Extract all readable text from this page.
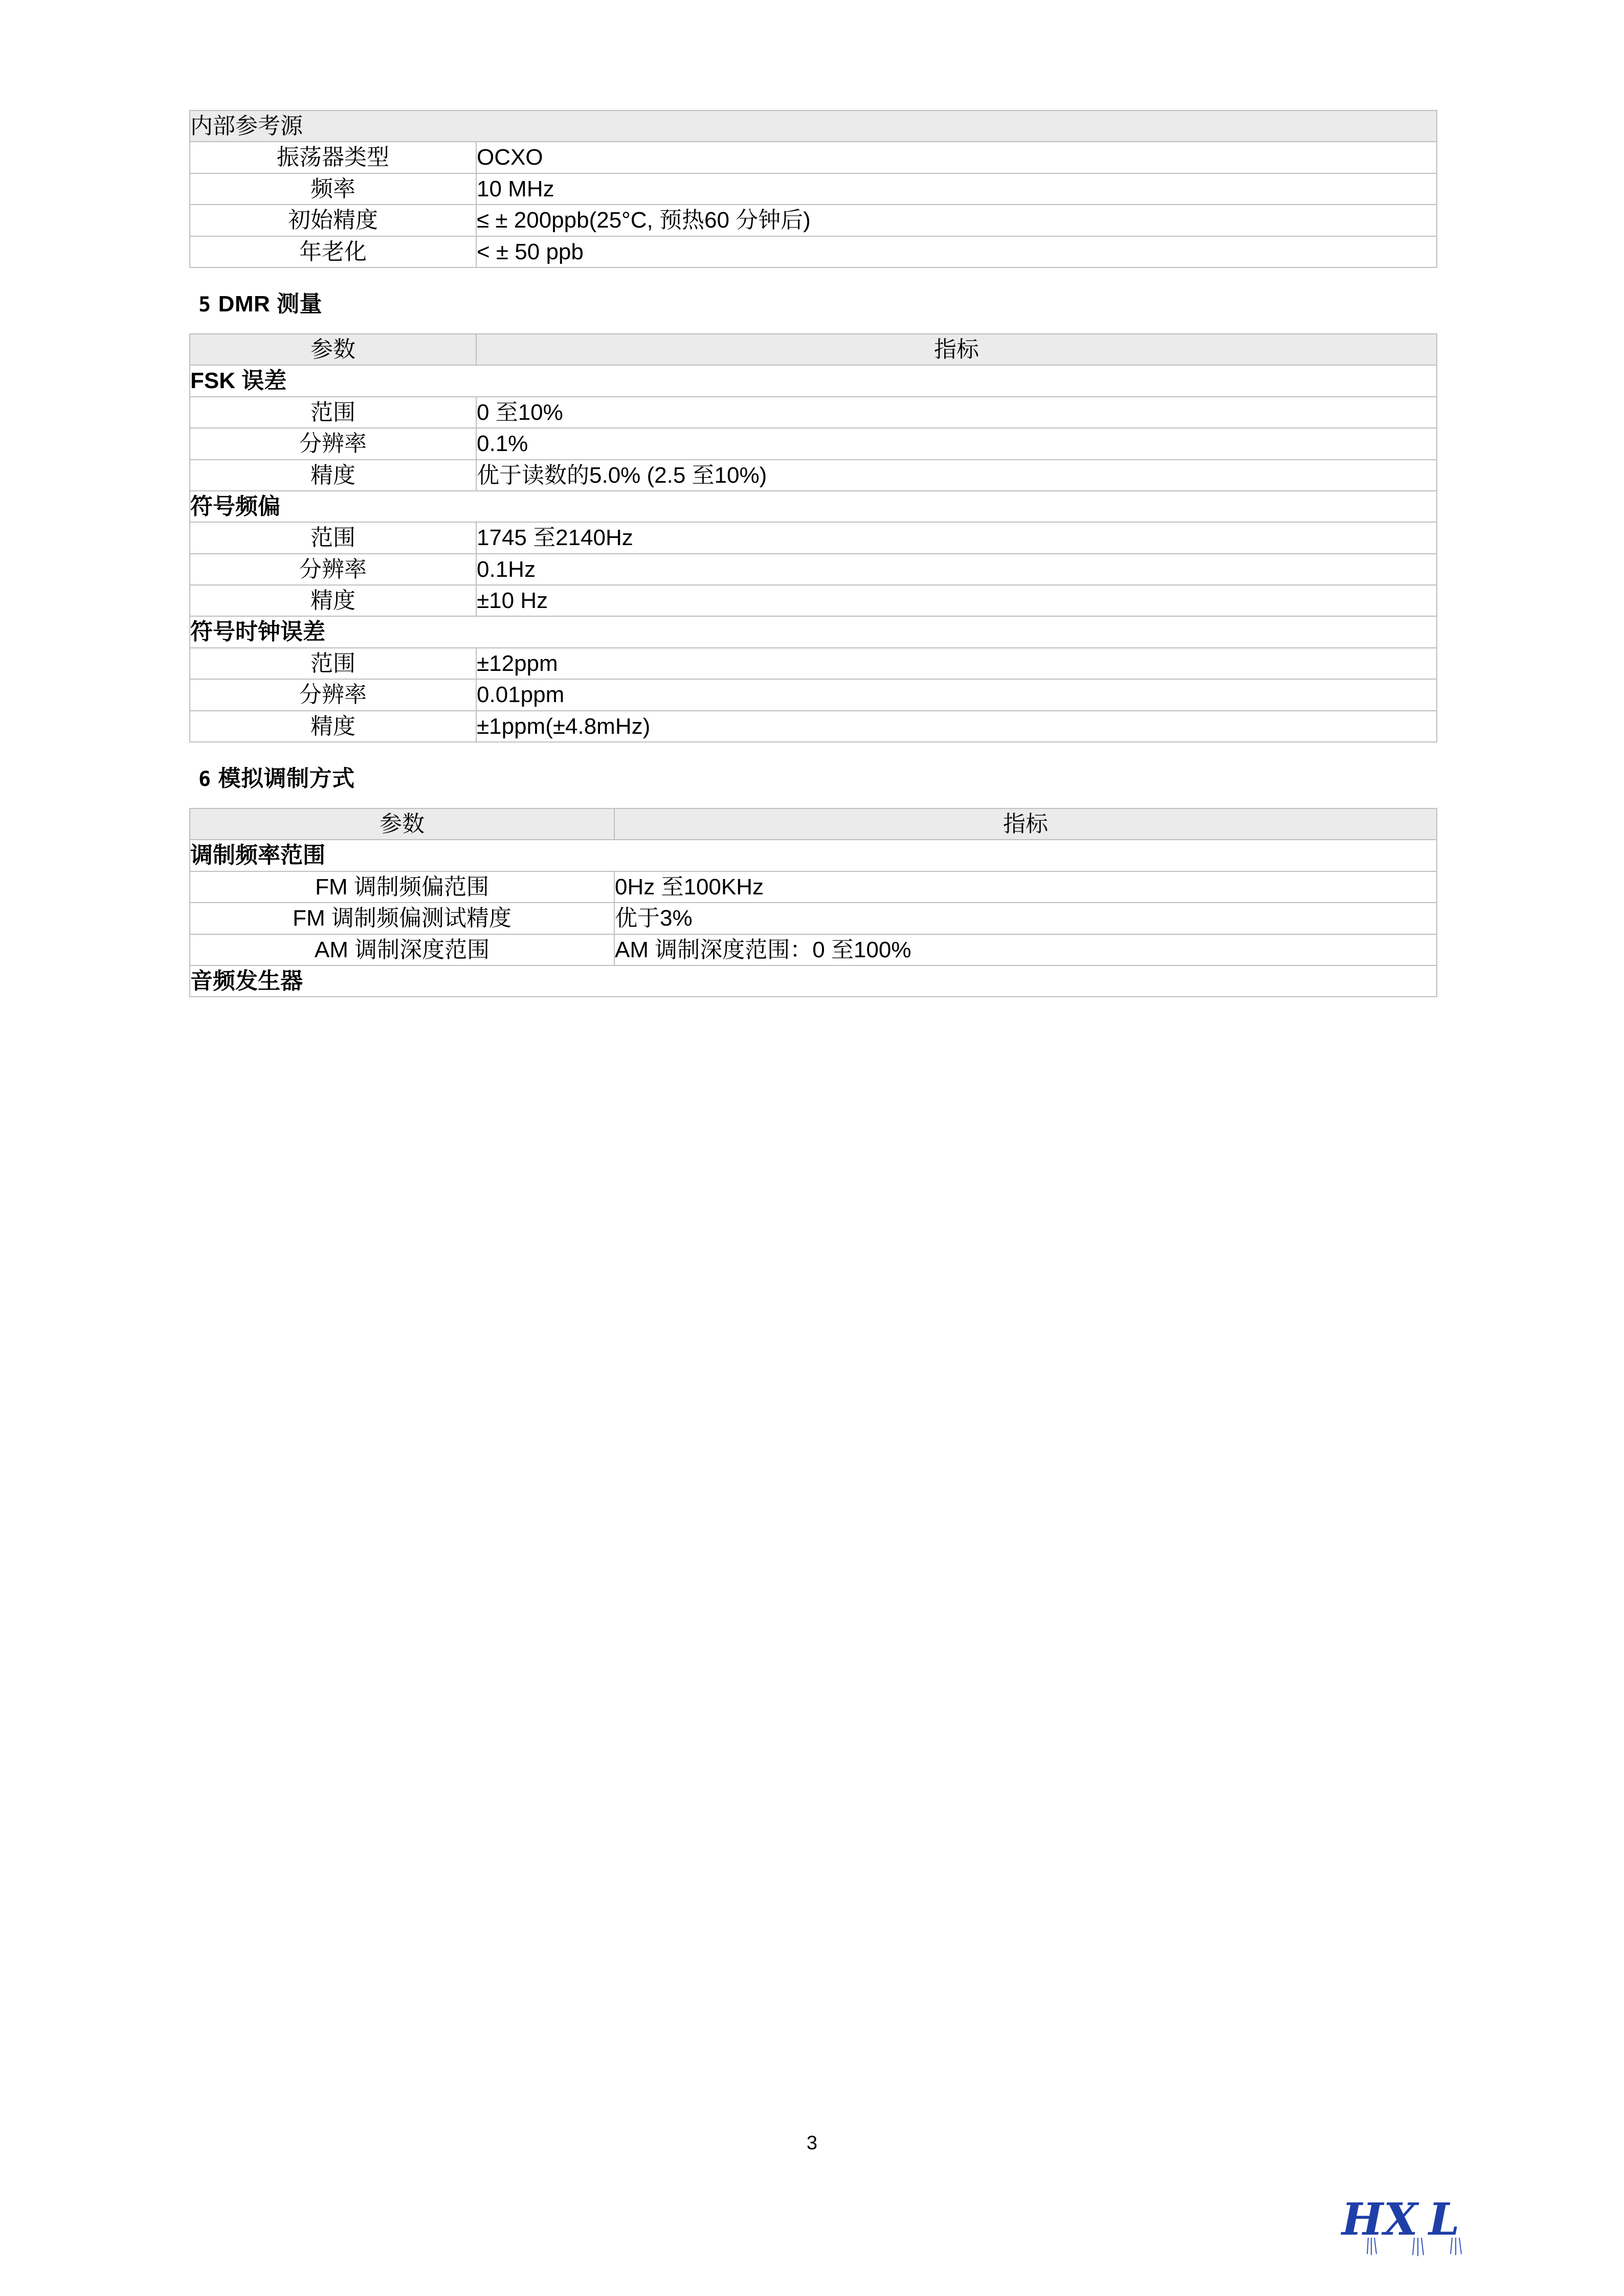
内部参考源	
振荡器类型	OCXO
频率	10 MHz
初始精度	≤ ± 200ppb(25°C, 预热60 分钟后)
年老化	< ± 50 ppb
5 DMR 测量
参数	指标
FSK 误差	
范围	0 至10%
分辨率	0.1%
精度	优于读数的5.0% (2.5 至10%)
符号频偏	
范围	1745 至2140Hz
分辨率	0.1Hz
精度	±10 Hz
符号时钟误差	
范围	±12ppm
分辨率	0.01ppm
精度	±1ppm(±4.8mHz)
6 模拟调制方式
参数	指标
调制频率范围	
FM 调制频偏范围	0Hz 至100KHz
FM 调制频偏测试精度	优于3%
AM 调制深度范围	AM 调制深度范围：0 至100%
音频发生器	
3
H X L
